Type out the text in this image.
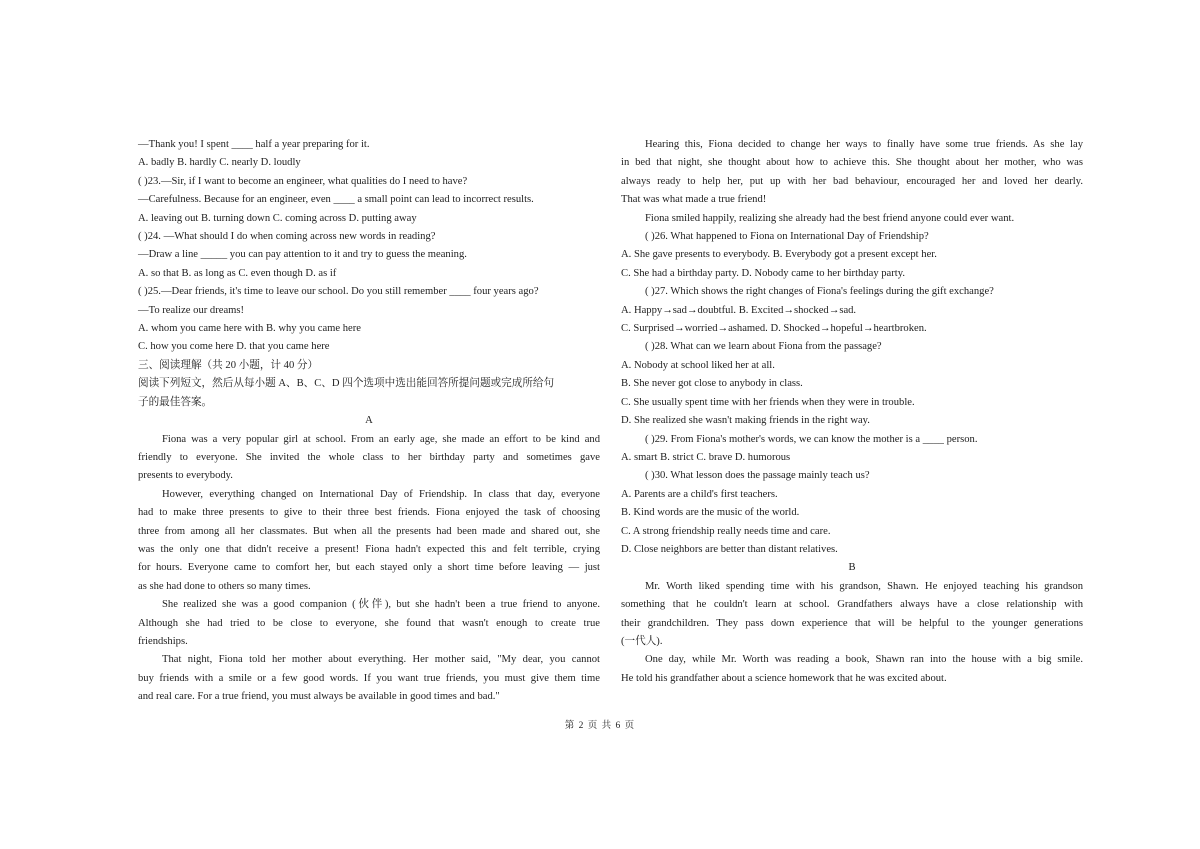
—Thank you! I spent ____ half a year preparing for it.
A. badly B. hardly C. nearly D. loudly
( )23.—Sir, if I want to become an engineer, what qualities do I need to have?
—Carefulness. Because for an engineer, even ____ a small point can lead to incorrect results.
A. leaving out B. turning down C. coming across D. putting away
( )24. —What should I do when coming across new words in reading?
—Draw a line _____ you can pay attention to it and try to guess the meaning.
A. so that B. as long as C. even though D. as if
( )25.—Dear friends, it's time to leave our school. Do you still remember ____ four years ago?
—To realize our dreams!
A. whom you came here with B. why you came here
C. how you come here D. that you came here
三、阅读理解（共 20 小题，计 40 分）
阅读下列短文，然后从每小题 A、B、C、D 四个选项中选出能回答所提问题或完成所给句
子的最佳答案。
A
Fiona was a very popular girl at school. From an early age, she made an effort to be kind and
friendly to everyone. She invited the whole class to her birthday party and sometimes gave
presents to everybody.
However, everything changed on International Day of Friendship. In class that day, everyone
had to make three presents to give to their three best friends. Fiona enjoyed the task of choosing
three from among all her classmates. But when all the presents had been made and shared out, she
was the only one that didn't receive a present! Fiona hadn't expected this and felt terrible, crying
for hours. Everyone came to comfort her, but each stayed only a short time before leaving — just
as she had done to others so many times.
She realized she was a good companion (伙伴), but she hadn't been a true friend to anyone.
Although she had tried to be close to everyone, she found that wasn't enough to create true
friendships.
That night, Fiona told her mother about everything. Her mother said, "My dear, you cannot
buy friends with a smile or a few good words. If you want true friends, you must give them time
and real care. For a true friend, you must always be available in good times and bad."
Hearing this, Fiona decided to change her ways to finally have some true friends. As she lay
in bed that night, she thought about how to achieve this. She thought about her mother, who was
always ready to help her, put up with her bad behaviour, encouraged her and loved her dearly.
That was what made a true friend!
Fiona smiled happily, realizing she already had the best friend anyone could ever want.
( )26. What happened to Fiona on International Day of Friendship?
A. She gave presents to everybody. B. Everybody got a present except her.
C. She had a birthday party. D. Nobody came to her birthday party.
( )27. Which shows the right changes of Fiona's feelings during the gift exchange?
A. Happy→sad→doubtful. B. Excited→shocked→sad.
C. Surprised→worried→ashamed. D. Shocked→hopeful→heartbroken.
( )28. What can we learn about Fiona from the passage?
A. Nobody at school liked her at all.
B. She never got close to anybody in class.
C. She usually spent time with her friends when they were in trouble.
D. She realized she wasn't making friends in the right way.
( )29. From Fiona's mother's words, we can know the mother is a ____ person.
A. smart B. strict C. brave D. humorous
( )30. What lesson does the passage mainly teach us?
A. Parents are a child's first teachers.
B. Kind words are the music of the world.
C. A strong friendship really needs time and care.
D. Close neighbors are better than distant relatives.
B
Mr. Worth liked spending time with his grandson, Shawn. He enjoyed teaching his grandson
something that he couldn't learn at school. Grandfathers always have a close relationship with
their grandchildren. They pass down experience that will be helpful to the younger generations
(一代人).
One day, while Mr. Worth was reading a book, Shawn ran into the house with a big smile.
He told his grandfather about a science homework that he was excited about.
第 2 页 共 6 页
